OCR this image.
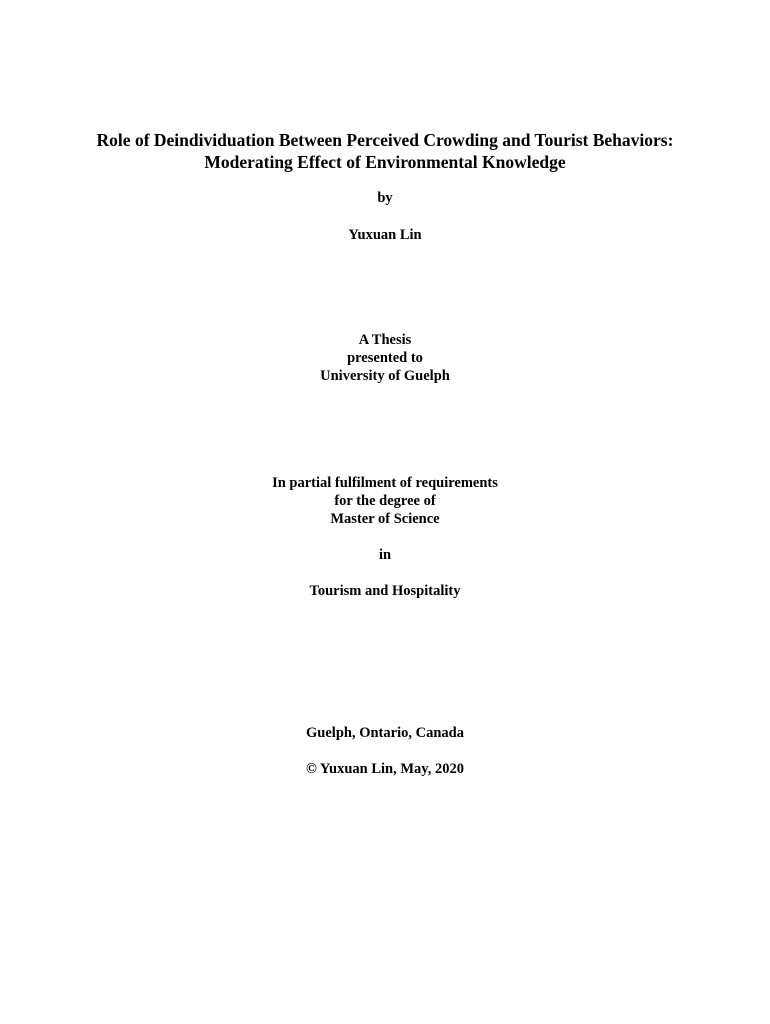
Role of Deindividuation Between Perceived Crowding and Tourist Behaviors:
Moderating Effect of Environmental Knowledge
by
Yuxuan Lin
A Thesis
presented to
University of Guelph
In partial fulfilment of requirements
for the degree of
Master of Science
in
Tourism and Hospitality
Guelph, Ontario, Canada
© Yuxuan Lin, May, 2020
